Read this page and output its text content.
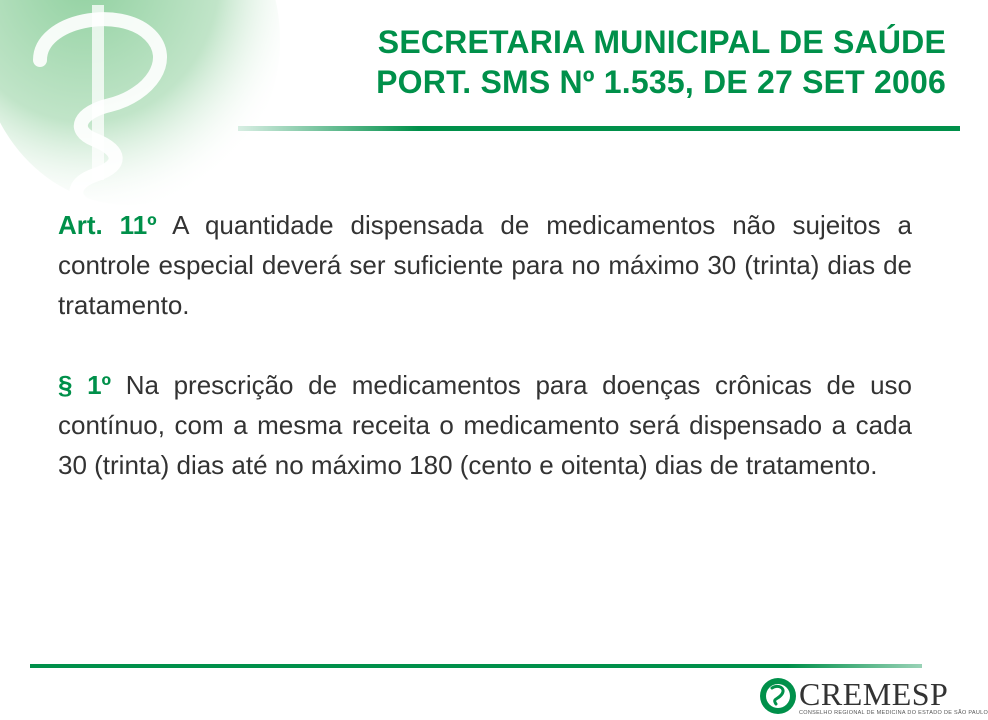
SECRETARIA MUNICIPAL DE SAÚDE
PORT. SMS Nº 1.535, DE 27 SET 2006

Art. 11º A quantidade dispensada de medicamentos não sujeitos a controle especial deverá ser suficiente para no máximo 30 (trinta) dias de tratamento.

§ 1º Na prescrição de medicamentos para doenças crônicas de uso contínuo, com a mesma receita o medicamento será dispensado a cada 30 (trinta) dias até no máximo 180 (cento e oitenta) dias de tratamento.

CREMESP
CONSELHO REGIONAL DE MEDICINA DO ESTADO DE SÃO PAULO
